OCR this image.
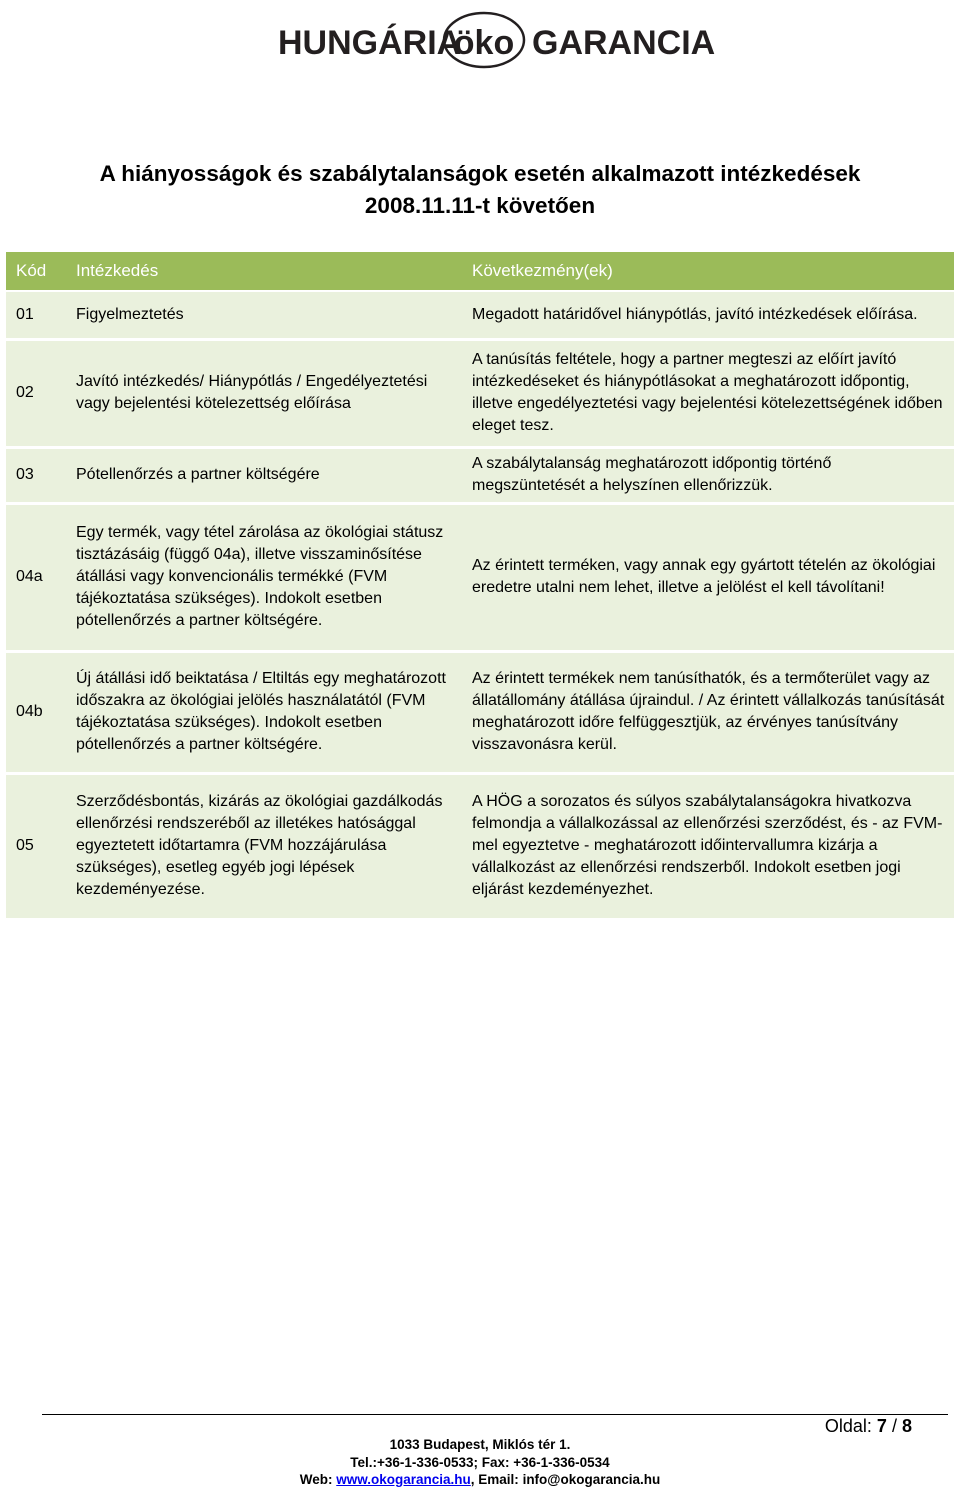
HUNGÁRIA
öko GARANCIA
A hiányosságok és szabálytalanságok esetén alkalmazott intézkedések
2008.11.11-t követően
Kód	Intézkedés	Következmény(ek)
01	Figyelmeztetés	Megadott határidővel hiánypótlás, javító intézkedések előírása.
02	Javító intézkedés/ Hiánypótlás / Engedélyeztetési vagy bejelentési kötelezettség előírása	A tanúsítás feltétele, hogy a partner megteszi az előírt javító intézkedéseket és hiánypótlásokat a meghatározott időpontig, illetve engedélyeztetési vagy bejelentési kötelezettségének időben eleget tesz.
03	Pótellenőrzés a partner költségére	A szabálytalanság meghatározott időpontig történő megszüntetését a helyszínen ellenőrizzük.
04a	Egy termék, vagy tétel zárolása az ökológiai státusz tisztázásáig (függő 04a), illetve visszaminősítése átállási vagy konvencionális termékké (FVM tájékoztatása szükséges). Indokolt esetben pótellenőrzés a partner költségére.	Az érintett terméken, vagy annak egy gyártott tételén az ökológiai eredetre utalni nem lehet, illetve a jelölést el kell távolítani!
04b	Új átállási idő beiktatása / Eltiltás egy meghatározott időszakra az ökológiai jelölés használatától (FVM tájékoztatása szükséges). Indokolt esetben pótellenőrzés a partner költségére.	Az érintett termékek nem tanúsíthatók, és a termőterület vagy az állatállomány átállása újraindul. / Az érintett vállalkozás tanúsítását meghatározott időre felfüggesztjük, az érvényes tanúsítvány visszavonásra kerül.
05	Szerződésbontás, kizárás az ökológiai gazdálkodás ellenőrzési rendszeréből az illetékes hatósággal egyeztetett időtartamra (FVM hozzájárulása szükséges), esetleg egyéb jogi lépések kezdeményezése.	A HÖG a sorozatos és súlyos szabálytalanságokra hivatkozva felmondja a vállalkozással az ellenőrzési szerződést, és - az FVM-mel egyeztetve - meghatározott időintervallumra kizárja a vállalkozást az ellenőrzési rendszerből. Indokolt esetben jogi eljárást kezdeményezhet.
Oldal: 7 / 8
1033 Budapest, Miklós tér 1.
Tel.:+36-1-336-0533; Fax: +36-1-336-0534
Web: www.okogarancia.hu, Email: info@okogarancia.hu
